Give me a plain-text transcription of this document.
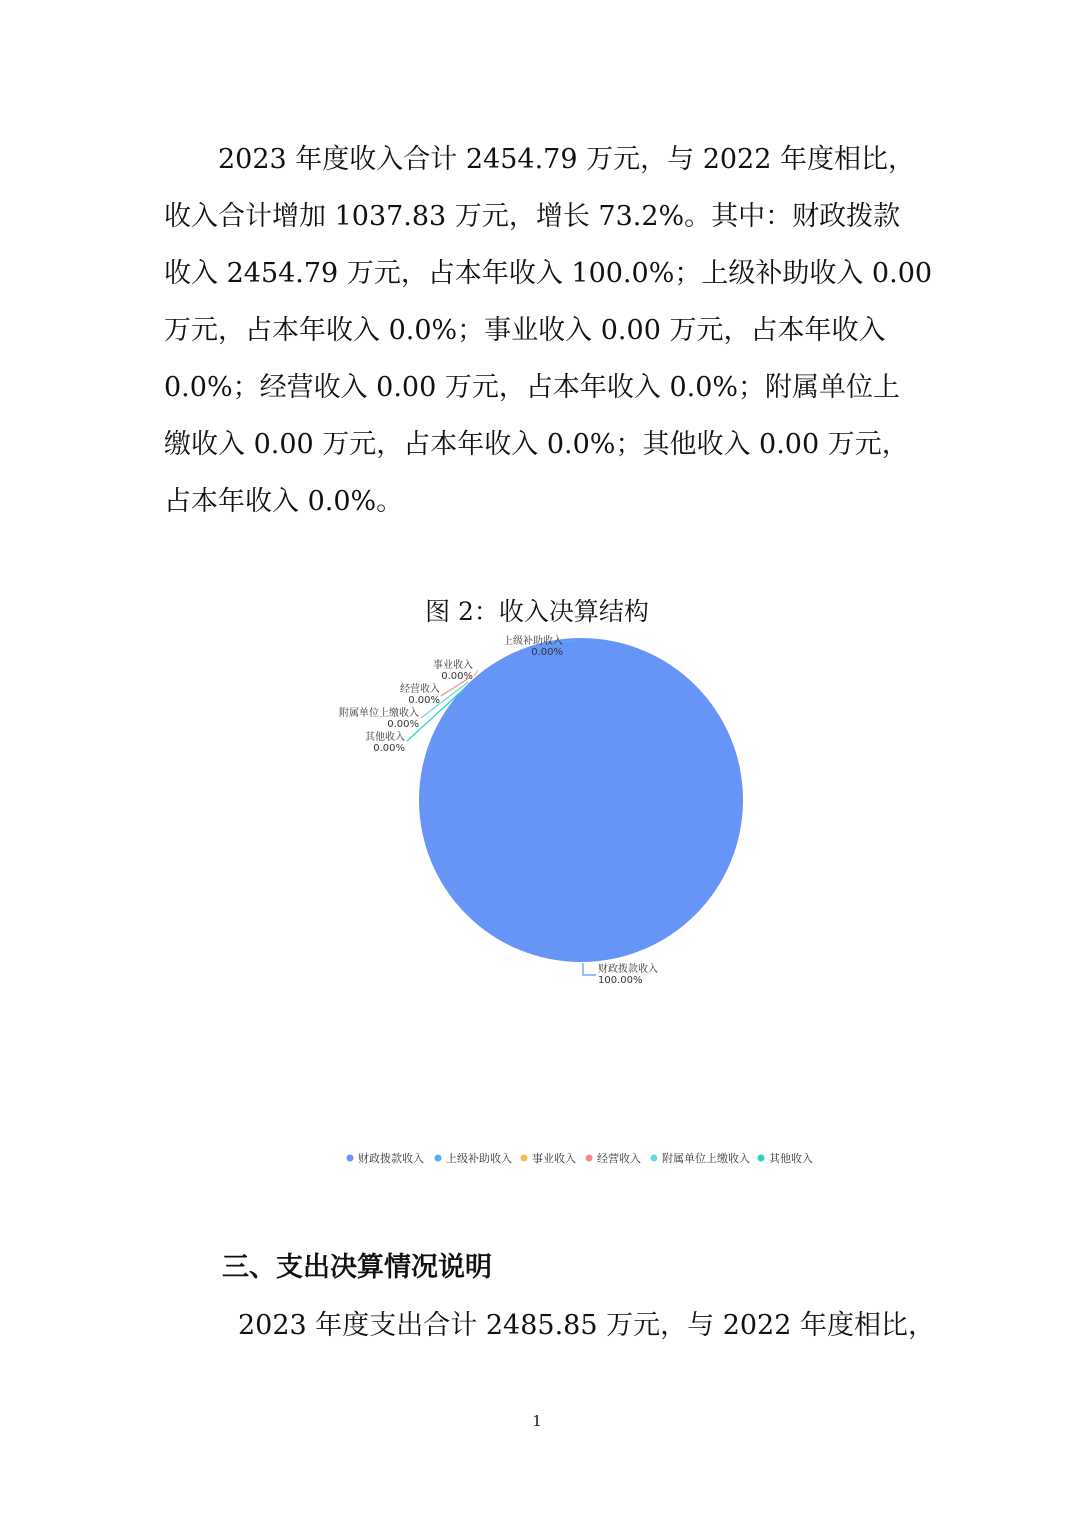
2023 年度收入合计 2454.79 万元，与 2022 年度相比，
收入合计增加 1037.83 万元，增长 73.2%。其中：财政拨款
收入 2454.79 万元，占本年收入 100.0%；上级补助收入 0.00
万元，占本年收入 0.0%；事业收入 0.00 万元，占本年收入
0.0%；经营收入 0.00 万元，占本年收入 0.0%；附属单位上
缴收入 0.00 万元，占本年收入 0.0%；其他收入 0.00 万元，
占本年收入 0.0%。
图 2：收入决算结构
财政拨款收入
100.00%
上级补助收入
0.00%
事业收入
0.00%
经营收入
0.00%
附属单位上缴收入
0.00%
其他收入
0.00%
财政拨款收入 上级补助收入 事业收入 经营收入 附属单位上缴收入 其他收入
三、支出决算情况说明
2023 年度支出合计 2485.85 万元，与 2022 年度相比，
1
